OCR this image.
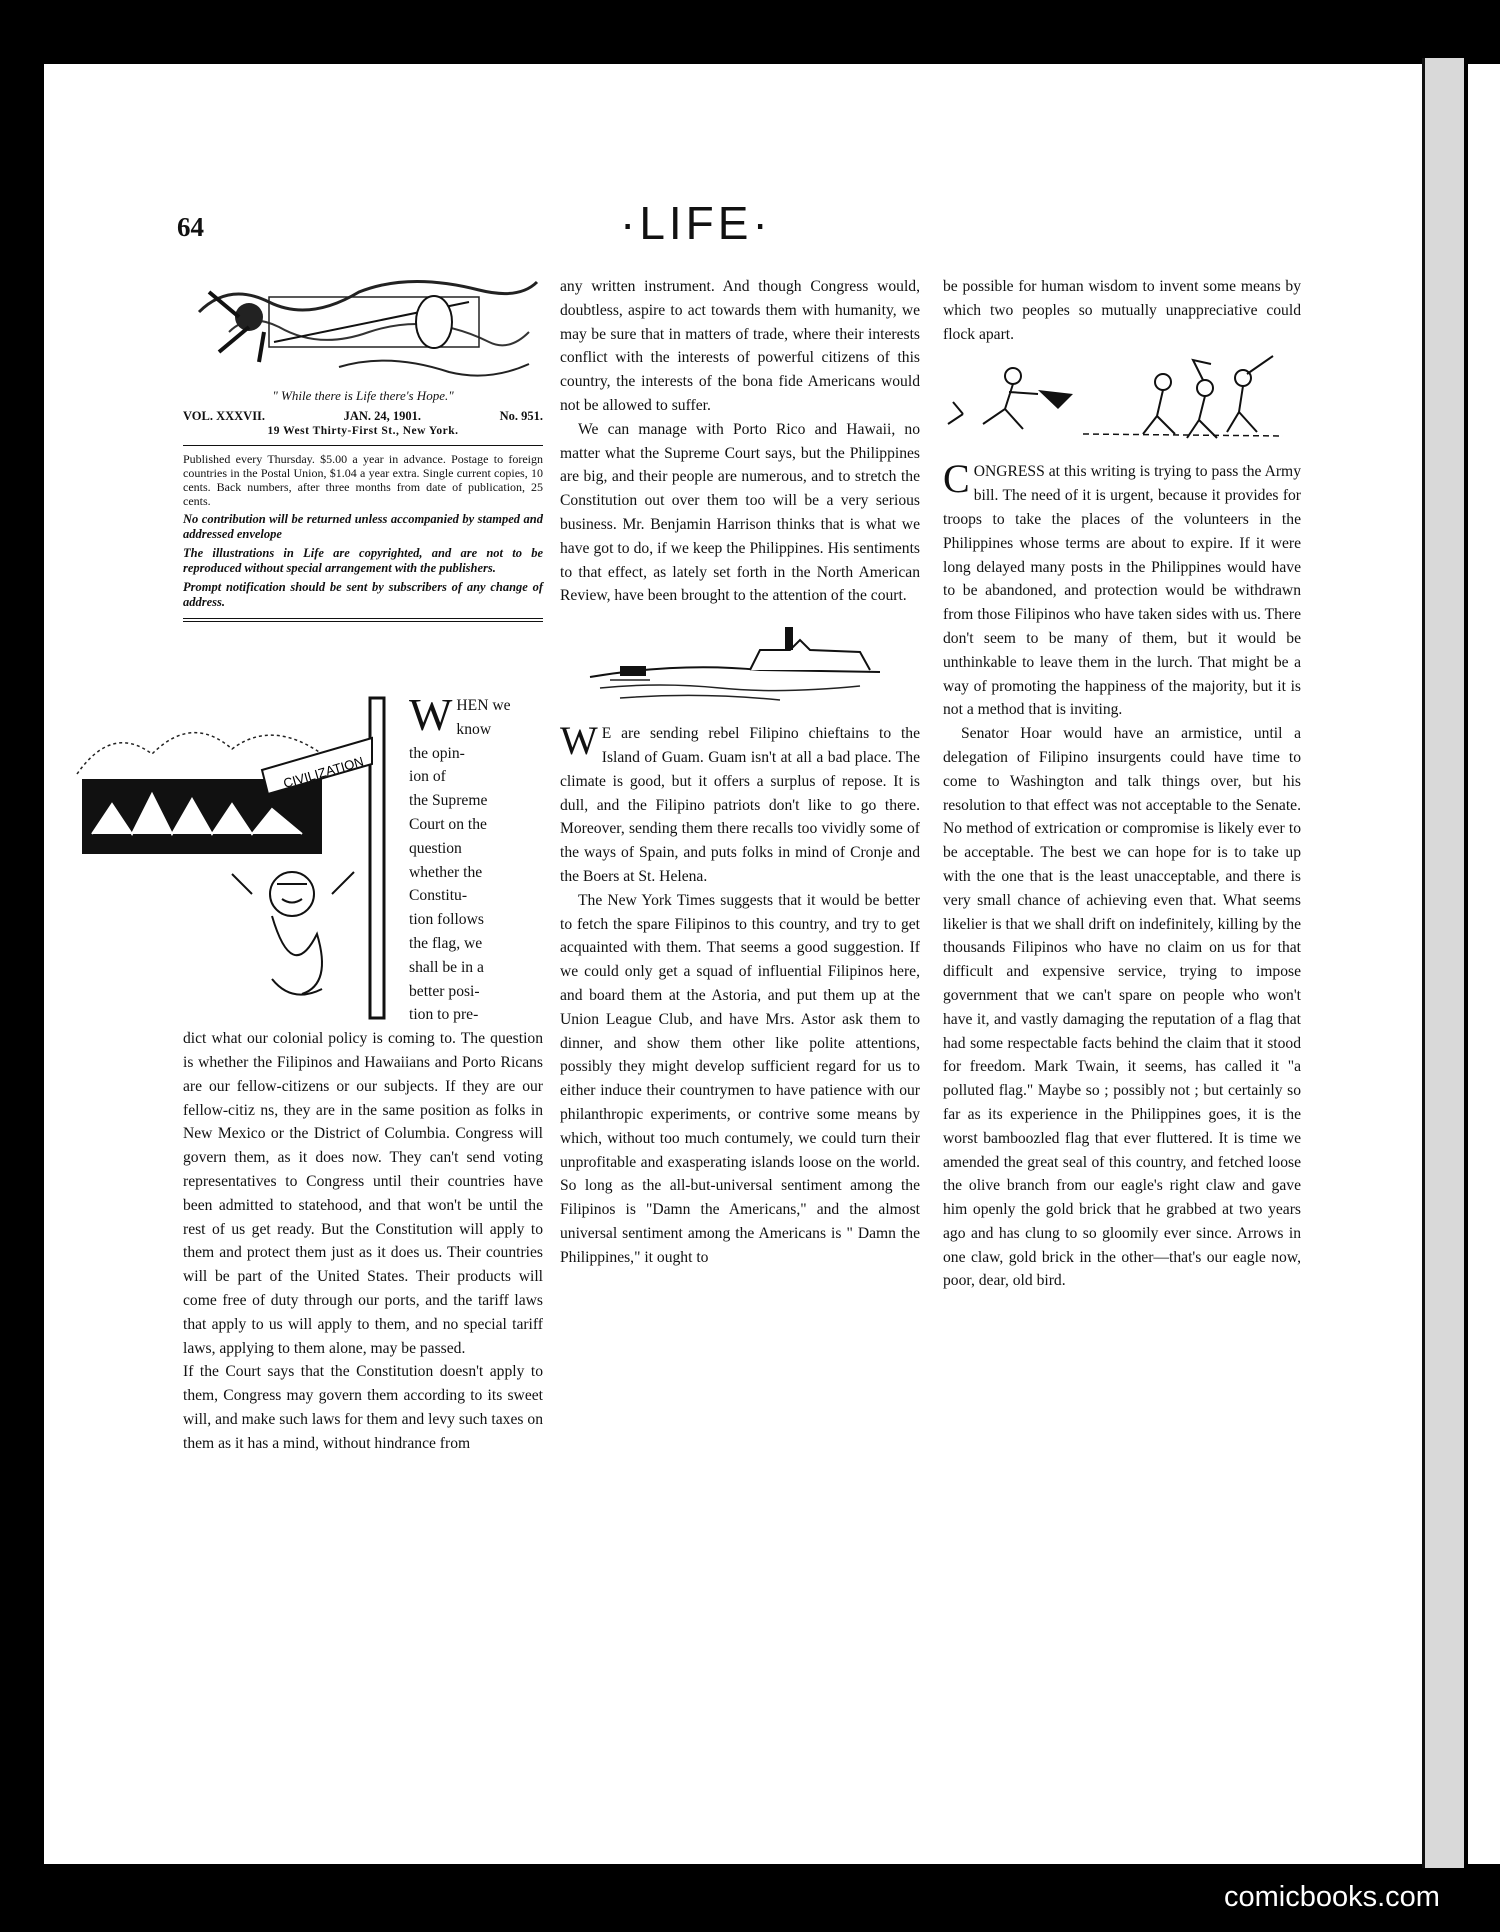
64	·LIFE·
" While there is Life there's Hope."
VOL. XXXVII.	JAN. 24, 1901.	No. 951.
19 West Thirty-First St., New York.
Published every Thursday. $5.00 a year in advance. Postage to foreign countries in the Postal Union, $1.04 a year extra. Single current copies, 10 cents. Back numbers, after three months from date of publication, 25 cents.
No contribution will be returned unless accompanied by stamped and addressed envelope
The illustrations in Life are copyrighted, and are not to be reproduced without special arrangement with the publishers.
Prompt notification should be sent by subscribers of any change of address.
CIVILIZATION
W HEN we
know
the opin-
ion of
the Supreme
Court on the
question
whether the
Constitu-
tion follows
the flag, we
shall be in a
better posi-
tion to pre-

dict what our colonial policy is coming to. The question is whether the Filipinos and Hawaiians and Porto Ricans are our fellow-citizens or our subjects. If they are our fellow-citiz ns, they are in the same position as folks in New Mexico or the District of Columbia. Congress will govern them, as it does now. They can't send voting representatives to Congress until their countries have been admitted to statehood, and that won't be until the rest of us get ready. But the Constitution will apply to them and protect them just as it does us. Their countries will be part of the United States. Their products will come free of duty through our ports, and the tariff laws that apply to us will apply to them, and no special tariff laws, applying to them alone, may be passed.

If the Court says that the Constitution doesn't apply to them, Congress may govern them according to its sweet will, and make such laws for them and levy such taxes on them as it has a mind, without hindrance from

any written instrument. And though Congress would, doubtless, aspire to act towards them with humanity, we may be sure that in matters of trade, where their interests conflict with the interests of powerful citizens of this country, the interests of the bona fide Americans would not be allowed to suffer.

We can manage with Porto Rico and Hawaii, no matter what the Supreme Court says, but the Philippines are big, and their people are numerous, and to stretch the Constitution out over them too will be a very serious business. Mr. Benjamin Harrison thinks that is what we have got to do, if we keep the Philippines. His sentiments to that effect, as lately set forth in the North American Review, have been brought to the attention of the court.

W E are sending rebel Filipino chieftains to the Island of Guam. Guam isn't at all a bad place. The climate is good, but it offers a surplus of repose. It is dull, and the Filipino patriots don't like to go there. Moreover, sending them there recalls too vividly some of the ways of Spain, and puts folks in mind of Cronje and the Boers at St. Helena.

The New York Times suggests that it would be better to fetch the spare Filipinos to this country, and try to get acquainted with them. That seems a good suggestion. If we could only get a squad of influential Filipinos here, and board them at the Astoria, and put them up at the Union League Club, and have Mrs. Astor ask them to dinner, and show them other like polite attentions, possibly they might develop sufficient regard for us to either induce their countrymen to have patience with our philanthropic experiments, or contrive some means by which, without too much contumely, we could turn their unprofitable and exasperating islands loose on the world. So long as the all-but-universal sentiment among the Filipinos is "Damn the Americans," and the almost universal sentiment among the Americans is " Damn the Philippines," it ought to

be possible for human wisdom to invent some means by which two peoples so mutually unappreciative could flock apart.

CONGRESS at this writing is trying to pass the Army bill. The need of it is urgent, because it provides for troops to take the places of the volunteers in the Philippines whose terms are about to expire. If it were long delayed many posts in the Philippines would have to be abandoned, and protection would be withdrawn from those Filipinos who have taken sides with us. There don't seem to be many of them, but it would be unthinkable to leave them in the lurch. That might be a way of promoting the happiness of the majority, but it is not a method that is inviting.

Senator Hoar would have an armistice, until a delegation of Filipino insurgents could have time to come to Washington and talk things over, but his resolution to that effect was not acceptable to the Senate. No method of extrication or compromise is likely ever to be acceptable. The best we can hope for is to take up with the one that is the least unacceptable, and there is very small chance of achieving even that. What seems likelier is that we shall drift on indefinitely, killing by the thousands Filipinos who have no claim on us for that difficult and expensive service, trying to impose government that we can't spare on people who won't have it, and vastly damaging the reputation of a flag that had some respectable facts behind the claim that it stood for freedom. Mark Twain, it seems, has called it "a polluted flag." Maybe so ; possibly not ; but certainly so far as its experience in the Philippines goes, it is the worst bamboozled flag that ever fluttered. It is time we amended the great seal of this country, and fetched loose the olive branch from our eagle's right claw and gave him openly the gold brick that he grabbed at two years ago and has clung to so gloomily ever since. Arrows in one claw, gold brick in the other—that's our eagle now, poor, dear, old bird.

comicbooks.com
